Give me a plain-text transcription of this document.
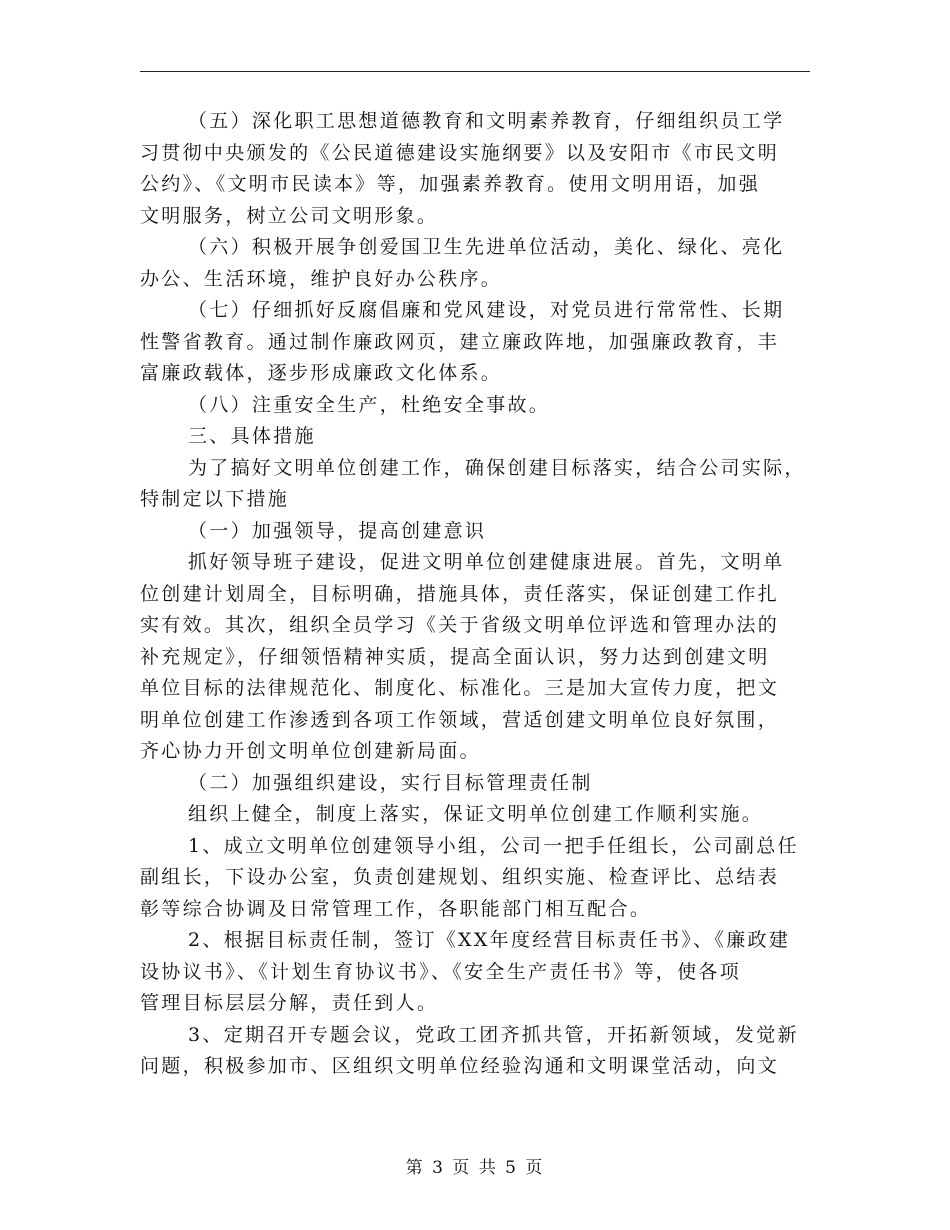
（五）深化职工思想道德教育和文明素养教育，仔细组织员工学
习贯彻中央颁发的《公民道德建设实施纲要》以及安阳市《市民文明
公约》、《文明市民读本》等，加强素养教育。使用文明用语，加强
文明服务，树立公司文明形象。
（六）积极开展争创爱国卫生先进单位活动，美化、绿化、亮化
办公、生活环境，维护良好办公秩序。
（七）仔细抓好反腐倡廉和党风建设，对党员进行常常性、长期
性警省教育。通过制作廉政网页，建立廉政阵地，加强廉政教育，丰
富廉政载体，逐步形成廉政文化体系。
（八）注重安全生产，杜绝安全事故。
三、具体措施
为了搞好文明单位创建工作，确保创建目标落实，结合公司实际，
特制定以下措施
（一）加强领导，提高创建意识
抓好领导班子建设，促进文明单位创建健康进展。首先，文明单
位创建计划周全，目标明确，措施具体，责任落实，保证创建工作扎
实有效。其次，组织全员学习《关于省级文明单位评选和管理办法的
补充规定》，仔细领悟精神实质，提高全面认识，努力达到创建文明
单位目标的法律规范化、制度化、标准化。三是加大宣传力度，把文
明单位创建工作渗透到各项工作领域，营适创建文明单位良好氛围，
齐心协力开创文明单位创建新局面。
（二）加强组织建设，实行目标管理责任制
组织上健全，制度上落实，保证文明单位创建工作顺利实施。
1、成立文明单位创建领导小组，公司一把手任组长，公司副总任
副组长，下设办公室，负责创建规划、组织实施、检查评比、总结表
彰等综合协调及日常管理工作，各职能部门相互配合。
2、根据目标责任制，签订《XX年度经营目标责任书》、《廉政建
设协议书》、《计划生育协议书》、《安全生产责任书》等，使各项
管理目标层层分解，责任到人。
3、定期召开专题会议，党政工团齐抓共管，开拓新领域，发觉新
问题，积极参加市、区组织文明单位经验沟通和文明课堂活动，向文
第 3 页 共 5 页
